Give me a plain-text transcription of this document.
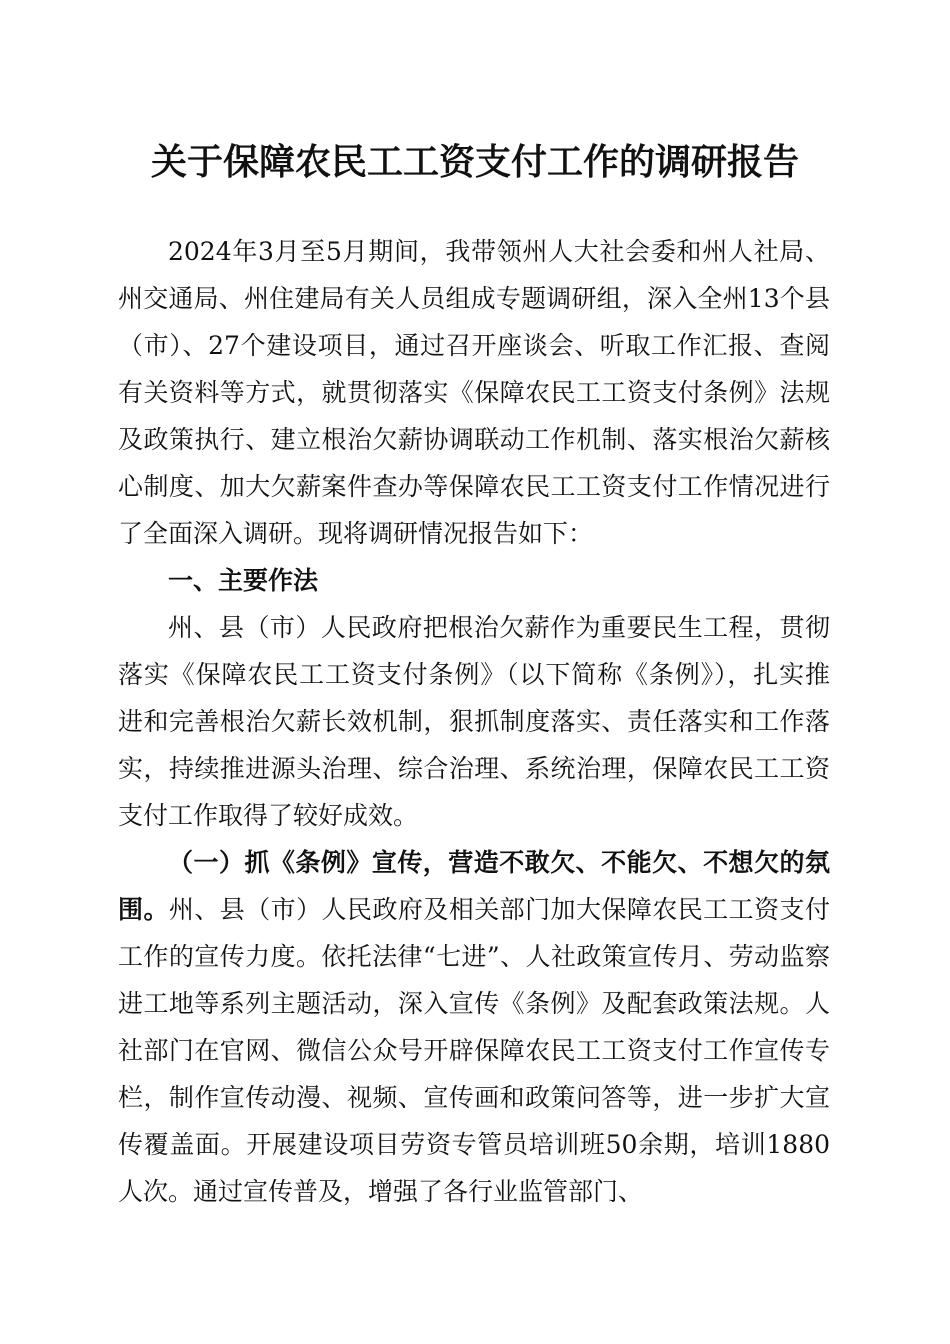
关于保障农民工工资支付工作的调研报告

2024年3月至5月期间，我带领州人大社会委和州人社局、州交通局、州住建局有关人员组成专题调研组，深入全州13个县（市）、27个建设项目，通过召开座谈会、听取工作汇报、查阅有关资料等方式，就贯彻落实《保障农民工工资支付条例》法规及政策执行、建立根治欠薪协调联动工作机制、落实根治欠薪核心制度、加大欠薪案件查办等保障农民工工资支付工作情况进行了全面深入调研。现将调研情况报告如下：

一、主要作法

州、县（市）人民政府把根治欠薪作为重要民生工程，贯彻落实《保障农民工工资支付条例》（以下简称《条例》），扎实推进和完善根治欠薪长效机制，狠抓制度落实、责任落实和工作落实，持续推进源头治理、综合治理、系统治理，保障农民工工资支付工作取得了较好成效。

（一）抓《条例》宣传，营造不敢欠、不能欠、不想欠的氛围。州、县（市）人民政府及相关部门加大保障农民工工资支付工作的宣传力度。依托法律“七进”、人社政策宣传月、劳动监察进工地等系列主题活动，深入宣传《条例》及配套政策法规。人社部门在官网、微信公众号开辟保障农民工工资支付工作宣传专栏，制作宣传动漫、视频、宣传画和政策问答等，进一步扩大宣传覆盖面。开展建设项目劳资专管员培训班50余期，培训1880人次。通过宣传普及，增强了各行业监管部门、
